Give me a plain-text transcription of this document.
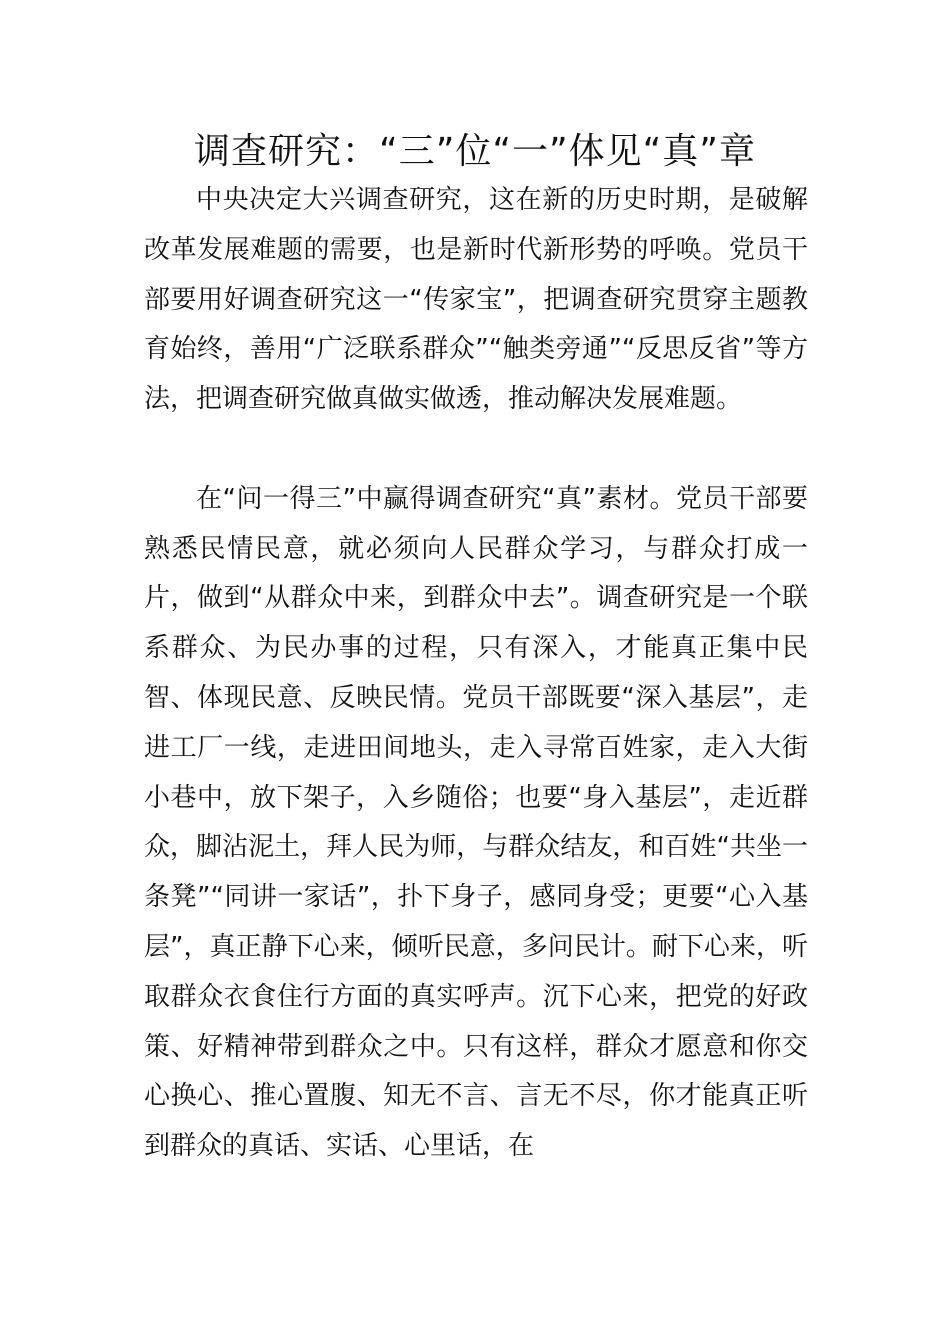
调查研究：“三”位“一”体见“真”章

中央决定大兴调查研究，这在新的历史时期，是破解改革发展难题的需要，也是新时代新形势的呼唤。党员干部要用好调查研究这一“传家宝”，把调查研究贯穿主题教育始终，善用“广泛联系群众”“触类旁通”“反思反省”等方法，把调查研究做真做实做透，推动解决发展难题。

在“问一得三”中赢得调查研究“真”素材。党员干部要熟悉民情民意，就必须向人民群众学习，与群众打成一片，做到“从群众中来，到群众中去”。调查研究是一个联系群众、为民办事的过程，只有深入，才能真正集中民智、体现民意、反映民情。党员干部既要“深入基层”，走进工厂一线，走进田间地头，走入寻常百姓家，走入大街小巷中，放下架子，入乡随俗；也要“身入基层”，走近群众，脚沾泥土，拜人民为师，与群众结友，和百姓“共坐一条凳”“同讲一家话”，扑下身子，感同身受；更要“心入基层”，真正静下心来，倾听民意，多问民计。耐下心来，听取群众衣食住行方面的真实呼声。沉下心来，把党的好政策、好精神带到群众之中。只有这样，群众才愿意和你交心换心、推心置腹、知无不言、言无不尽，你才能真正听到群众的真话、实话、心里话，在
